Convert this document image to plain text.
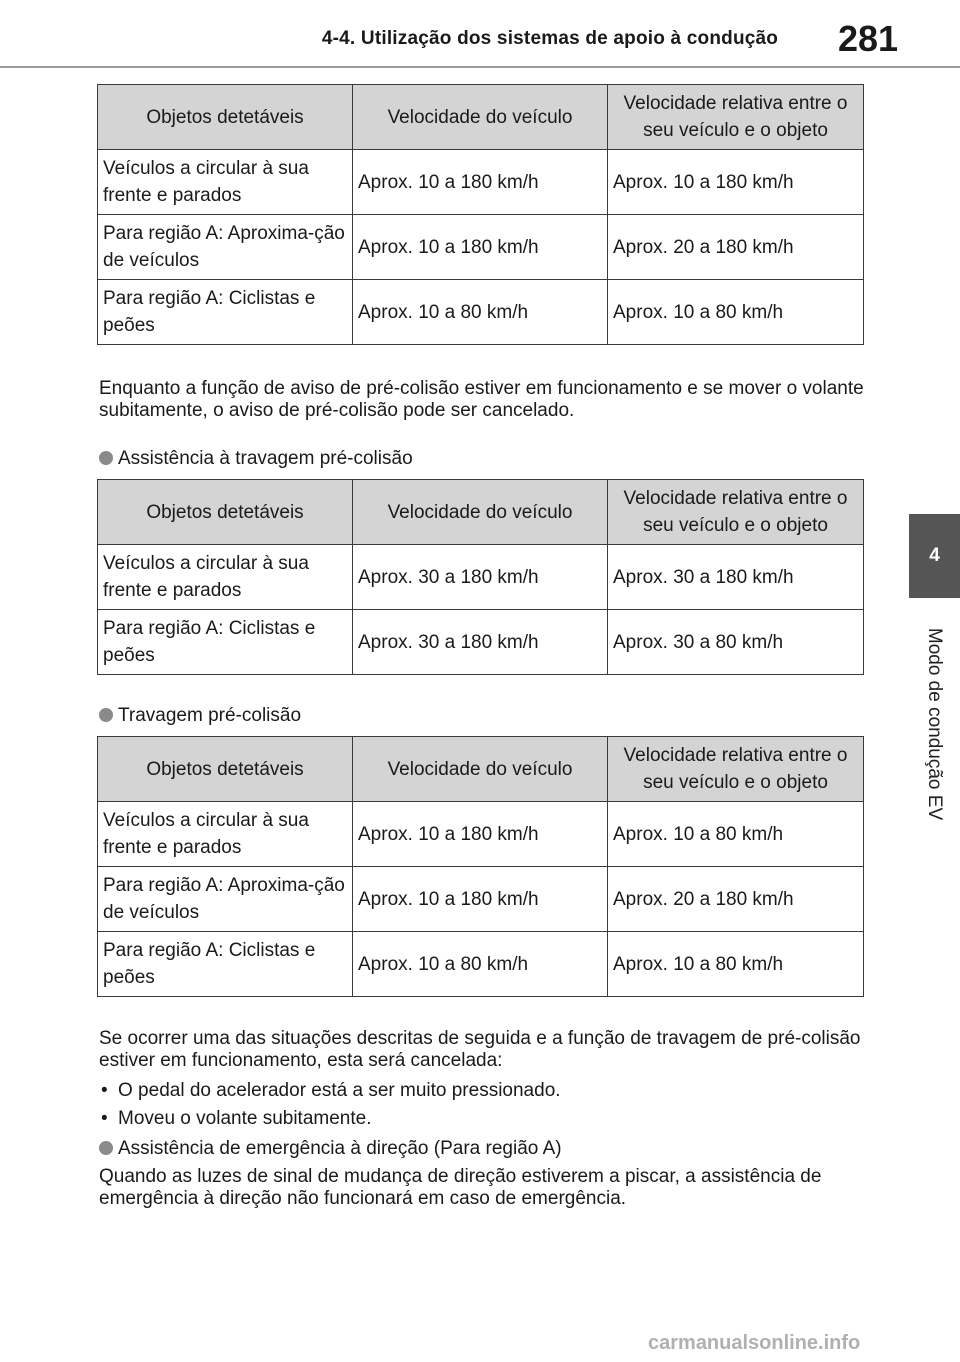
4-4. Utilização dos sistemas de apoio à condução	281
4
Modo de condução EV
Objetos detetáveis	Velocidade do veículo	Velocidade relativa entre o seu veículo e o objeto
Veículos a circular à sua frente e parados	Aprox. 10 a 180 km/h	Aprox. 10 a 180 km/h
Para região A: Aproxima-ção de veículos	Aprox. 10 a 180 km/h	Aprox. 20 a 180 km/h
Para região A: Ciclistas e peões	Aprox. 10 a 80 km/h	Aprox. 10 a 80 km/h
Enquanto a função de aviso de pré-colisão estiver em funcionamento e se mover o volante subitamente, o aviso de pré-colisão pode ser cancelado.
Assistência à travagem pré-colisão
Objetos detetáveis	Velocidade do veículo	Velocidade relativa entre o seu veículo e o objeto
Veículos a circular à sua frente e parados	Aprox. 30 a 180 km/h	Aprox. 30 a 180 km/h
Para região A: Ciclistas e peões	Aprox. 30 a 180 km/h	Aprox. 30 a 80 km/h
Travagem pré-colisão
Objetos detetáveis	Velocidade do veículo	Velocidade relativa entre o seu veículo e o objeto
Veículos a circular à sua frente e parados	Aprox. 10 a 180 km/h	Aprox. 10 a 80 km/h
Para região A: Aproxima-ção de veículos	Aprox. 10 a 180 km/h	Aprox. 20 a 180 km/h
Para região A: Ciclistas e peões	Aprox. 10 a 80 km/h	Aprox. 10 a 80 km/h
Se ocorrer uma das situações descritas de seguida e a função de travagem de pré-colisão estiver em funcionamento, esta será cancelada:
• O pedal do acelerador está a ser muito pressionado.
• Moveu o volante subitamente.
Assistência de emergência à direção (Para região A)
Quando as luzes de sinal de mudança de direção estiverem a piscar, a assistência de emergência à direção não funcionará em caso de emergência.
carmanualsonline.info
